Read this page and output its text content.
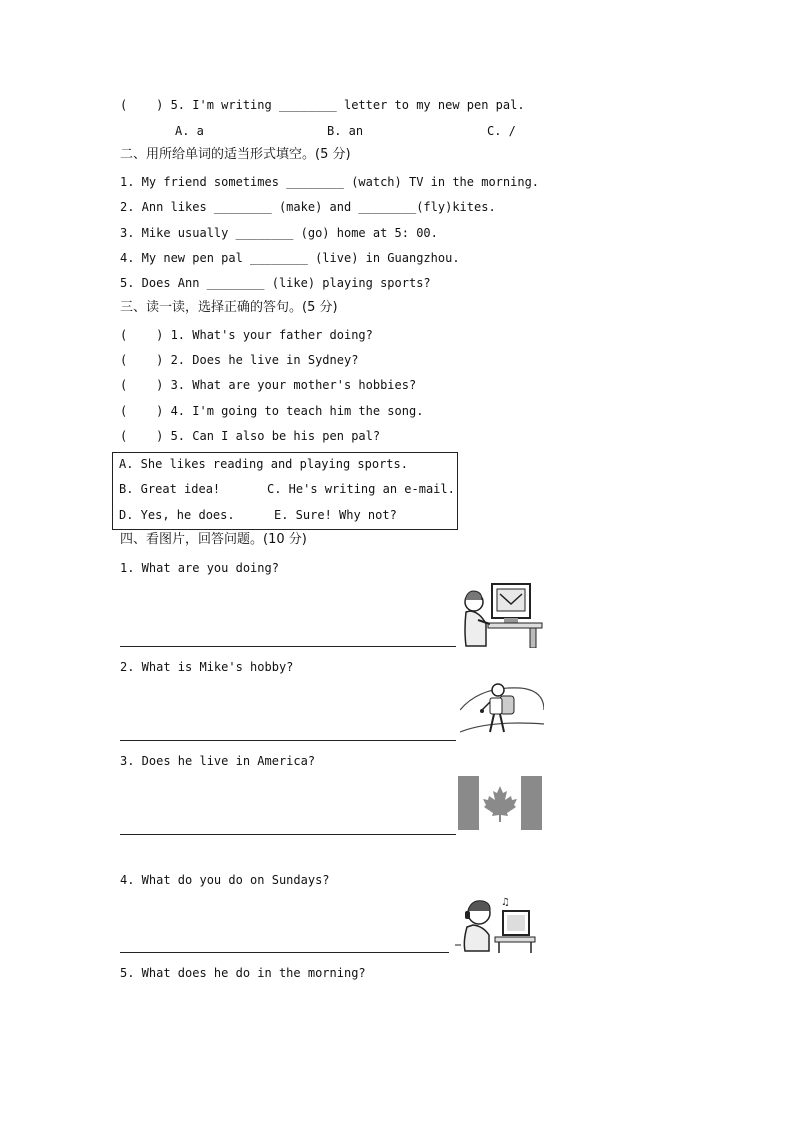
(    ) 5. I'm writing ________ letter to my new pen pal.
A. a	B. an	C. /
二、用所给单词的适当形式填空。(5 分)
1. My friend sometimes ________ (watch) TV in the morning.
2. Ann likes ________ (make) and ________(fly)kites.
3. Mike usually ________ (go) home at 5: 00.
4. My new pen pal ________ (live) in Guangzhou.
5. Does Ann ________ (like) playing sports?
三、读一读，选择正确的答句。(5 分)
(    ) 1. What's your father doing?
(    ) 2. Does he live in Sydney?
(    ) 3. What are your mother's hobbies?
(    ) 4. I'm going to teach him the song.
(    ) 5. Can I also be his pen pal?
A. She likes reading and playing sports.
B. Great idea!	C. He's writing an e-mail.
D. Yes, he does.	E. Sure! Why not?
四、看图片，回答问题。(10 分)
1. What are you doing?
2. What is Mike's hobby?
3. Does he live in America?
4. What do you do on Sundays?
♫
5. What does he do in the morning?
